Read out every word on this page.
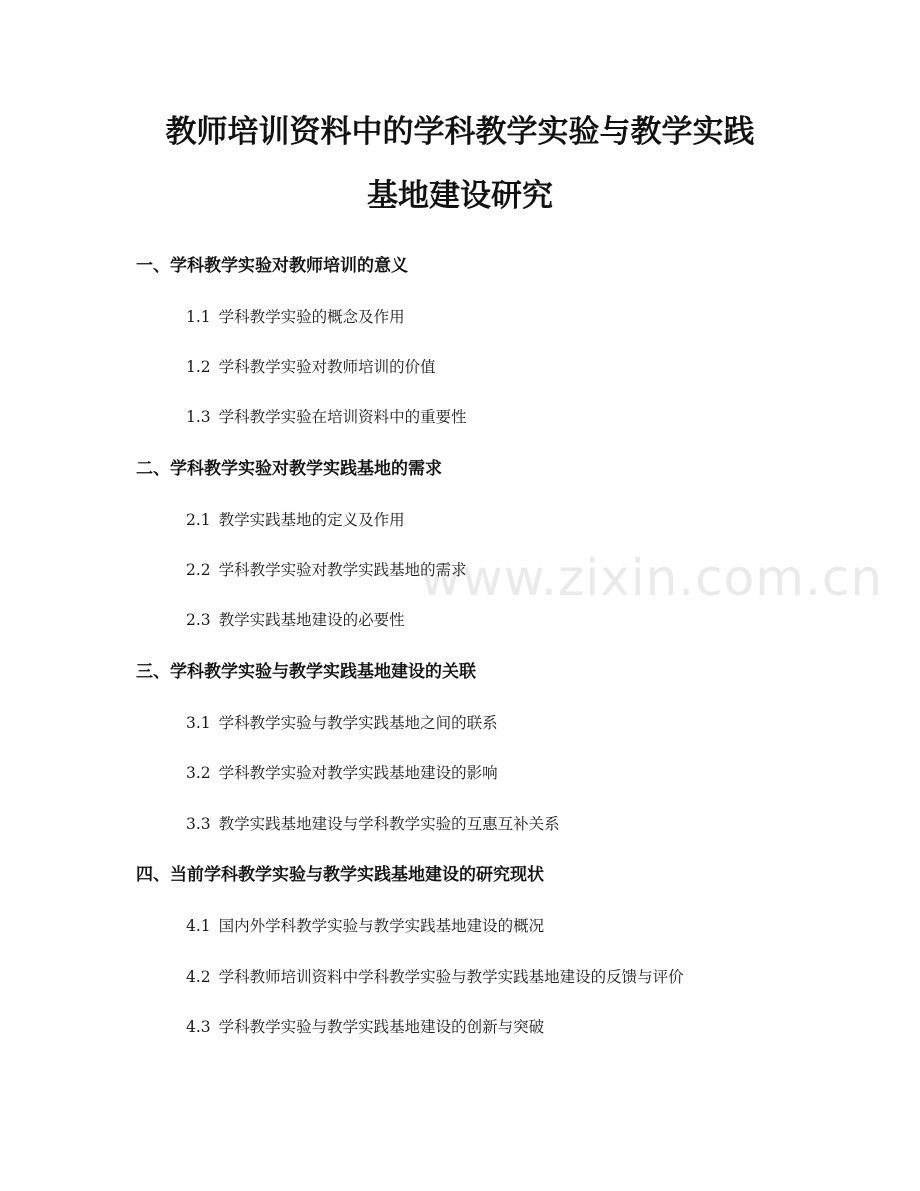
教师培训资料中的学科教学实验与教学实践
基地建设研究
www.zixin.com.cn
一、学科教学实验对教师培训的意义
1.1 学科教学实验的概念及作用
1.2 学科教学实验对教师培训的价值
1.3 学科教学实验在培训资料中的重要性
二、学科教学实验对教学实践基地的需求
2.1 教学实践基地的定义及作用
2.2 学科教学实验对教学实践基地的需求
2.3 教学实践基地建设的必要性
三、学科教学实验与教学实践基地建设的关联
3.1 学科教学实验与教学实践基地之间的联系
3.2 学科教学实验对教学实践基地建设的影响
3.3 教学实践基地建设与学科教学实验的互惠互补关系
四、当前学科教学实验与教学实践基地建设的研究现状
4.1 国内外学科教学实验与教学实践基地建设的概况
4.2 学科教师培训资料中学科教学实验与教学实践基地建设的反馈与评价
4.3 学科教学实验与教学实践基地建设的创新与突破
